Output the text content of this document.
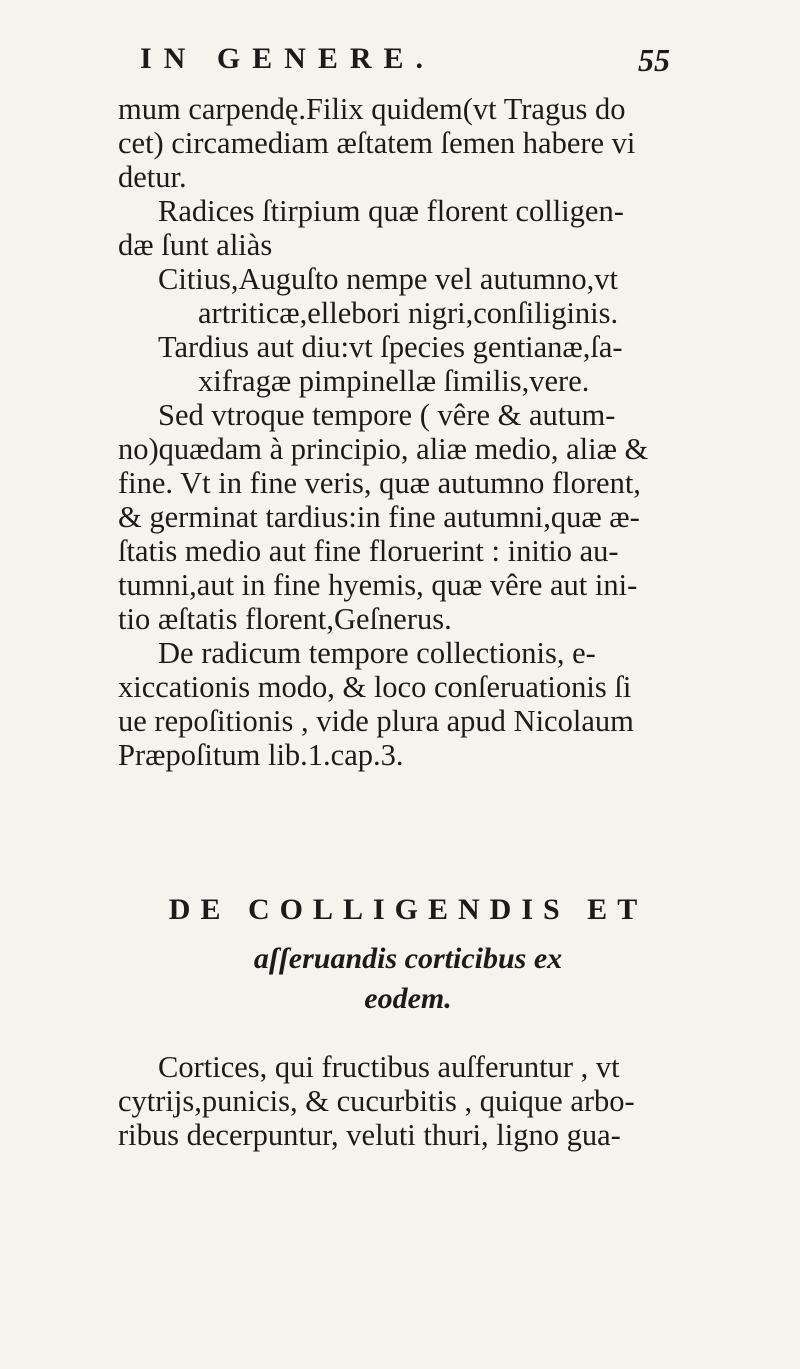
IN GENERE.	55
mum carpendę.Filix quidem(vt Tragus do
cet) circamediam æſtatem ſemen habere vi
detur.
Radices ſtirpium quæ florent colligen-
dæ ſunt aliàs
Citius,Auguſto nempe vel autumno,vt
artriticæ,ellebori nigri,conſiliginis.
Tardius aut diu:vt ſpecies gentianæ,ſa-
xifragæ pimpinellæ ſimilis,vere.
Sed vtroque tempore ( vêre & autum-
no)quædam à principio, aliæ medio, aliæ &
fine. Vt in fine veris, quæ autumno florent,
& germinat tardius:in fine autumni,quæ æ-
ſtatis medio aut fine floruerint : initio au-
tumni,aut in fine hyemis, quæ vêre aut ini-
tio æſtatis florent,Geſnerus.
De radicum tempore collectionis, e-
xiccationis modo, & loco conſeruationis ſi
ue repoſitionis , vide plura apud Nicolaum
Præpoſitum lib.1.cap.3.
DE COLLIGENDIS ET
aſſeruandis corticibus ex
eodem.
Cortices, qui fructibus auſferuntur , vt
cytrijs,punicis, & cucurbitis , quique arbo-
ribus decerpuntur, veluti thuri, ligno gua-
